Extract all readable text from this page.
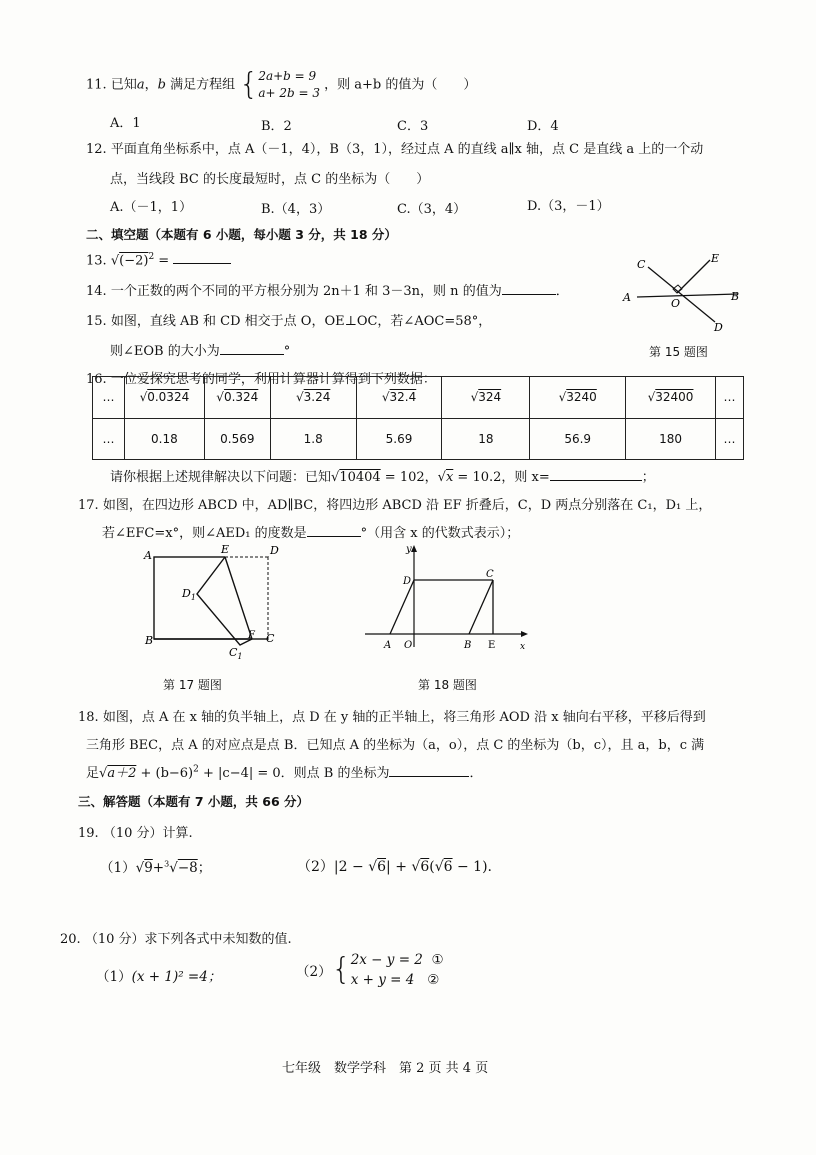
11. 已知a，b 满足方程组 { 2a+b = 9
a+ 2b = 3
，则 a+b 的值为（　　）
A．1	B．2	C．3	D．4
12. 平面直角坐标系中，点 A（－1，4），B（3，1），经过点 A 的直线 a∥x 轴，点 C 是直线 a 上的一个动
点，当线段 BC 的长度最短时，点 C 的坐标为（　　）
A.（－1，1）	B.（4，3）	C.（3，4）	D.（3，－1）
二、填空题（本题有 6 小题，每小题 3 分，共 18 分）
13. $√(-2)^2$ =
14. 一个正数的两个不同的平方根分别为 2n＋1 和 3－3n，则 n 的值为	．
15. 如图，直线 AB 和 CD 相交于点 O，OE⊥OC，若∠AOC=58°，
则∠EOB 的大小为	°
C	E
A	O
B
D
第 15 题图
16. 一位爱探究思考的同学，利用计算器计算得到下列数据：
…	√0.0324	√0.324	√3.24	√32.4	√324	√3240	√32400	…
…	0.18	0.569	1.8	5.69	18	56.9	180	…
请你根据上述规律解决以下问题：已知√10404 = 102，√x = 10.2，则 x=	；
17. 如图，在四边形 ABCD 中，AD∥BC，将四边形 ABCD 沿 EF 折叠后，C，D 两点分别落在 C₁，D₁ 上，
若∠EFC=x°，则∠AED₁ 的度数是	°（用含 x 的代数式表示）；
A	E	D
$D_1$
B	F C
$C_1$
第 17 题图
y
x
D
C
A O	B E
第 18 题图
18. 如图，点 A 在 x 轴的负半轴上，点 D 在 y 轴的正半轴上，将三角形 AOD 沿 x 轴向右平移，平移后得到
三角形 BEC，点 A 的对应点是点 B．已知点 A 的坐标为（a，o），点 C 的坐标为（b，c），且 a，b，c 满
足$√a+2 + (b-6)^2 + |c-4| = 0$．则点 B 的坐标为	．
三、解答题（本题有 7 小题，共 66 分）
19. （10 分）计算.
（1）√9+$^3$√−8；	（2）|2 − √6| + √6(√6 − 1).
20. （10 分）求下列各式中未知数的值.
（1）(x + 1)² =4；	（2）{ 2x − y = 2 ①
x + y = 4 ②
七年级　数学学科　第 2 页 共 4 页
